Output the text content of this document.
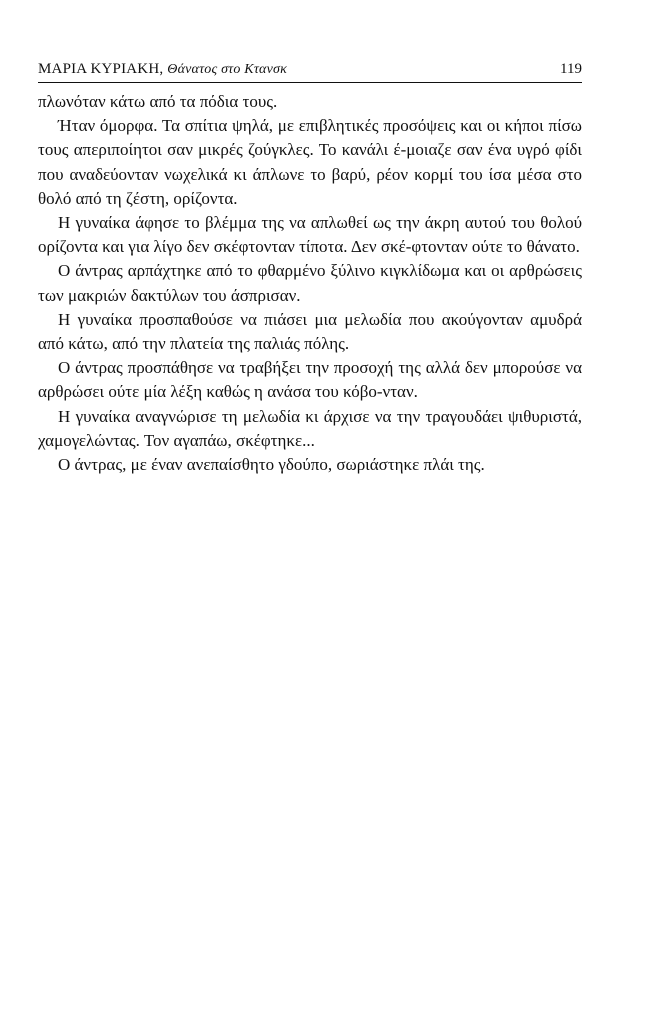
ΜΑΡΙΑ ΚΥΡΙΑΚΗ, Θάνατος στο Κτανσκ	119

πλωνόταν κάτω από τα πόδια τους.

Ήταν όμορφα. Τα σπίτια ψηλά, με επιβλητικές προσόψεις και οι κήποι πίσω τους απεριποίητοι σαν μικρές ζούγκλες. Το κανάλι έ-μοιαζε σαν ένα υγρό φίδι που αναδεύονταν νωχελικά κι άπλωνε το βαρύ, ρέον κορμί του ίσα μέσα στο θολό από τη ζέστη, ορίζοντα.

Η γυναίκα άφησε το βλέμμα της να απλωθεί ως την άκρη αυτού του θολού ορίζοντα και για λίγο δεν σκέφτονταν τίποτα. Δεν σκέ-φτονταν ούτε το θάνατο.

Ο άντρας αρπάχτηκε από το φθαρμένο ξύλινο κιγκλίδωμα και οι αρθρώσεις των μακριών δακτύλων του άσπρισαν.

Η γυναίκα προσπαθούσε να πιάσει μια μελωδία που ακούγονταν αμυδρά από κάτω, από την πλατεία της παλιάς πόλης.

Ο άντρας προσπάθησε να τραβήξει την προσοχή της αλλά δεν μπορούσε να αρθρώσει ούτε μία λέξη καθώς η ανάσα του κόβο-νταν.

Η γυναίκα αναγνώρισε τη μελωδία κι άρχισε να την τραγουδάει ψιθυριστά, χαμογελώντας. Τον αγαπάω, σκέφτηκε...

Ο άντρας, με έναν ανεπαίσθητο γδούπο, σωριάστηκε πλάι της.
